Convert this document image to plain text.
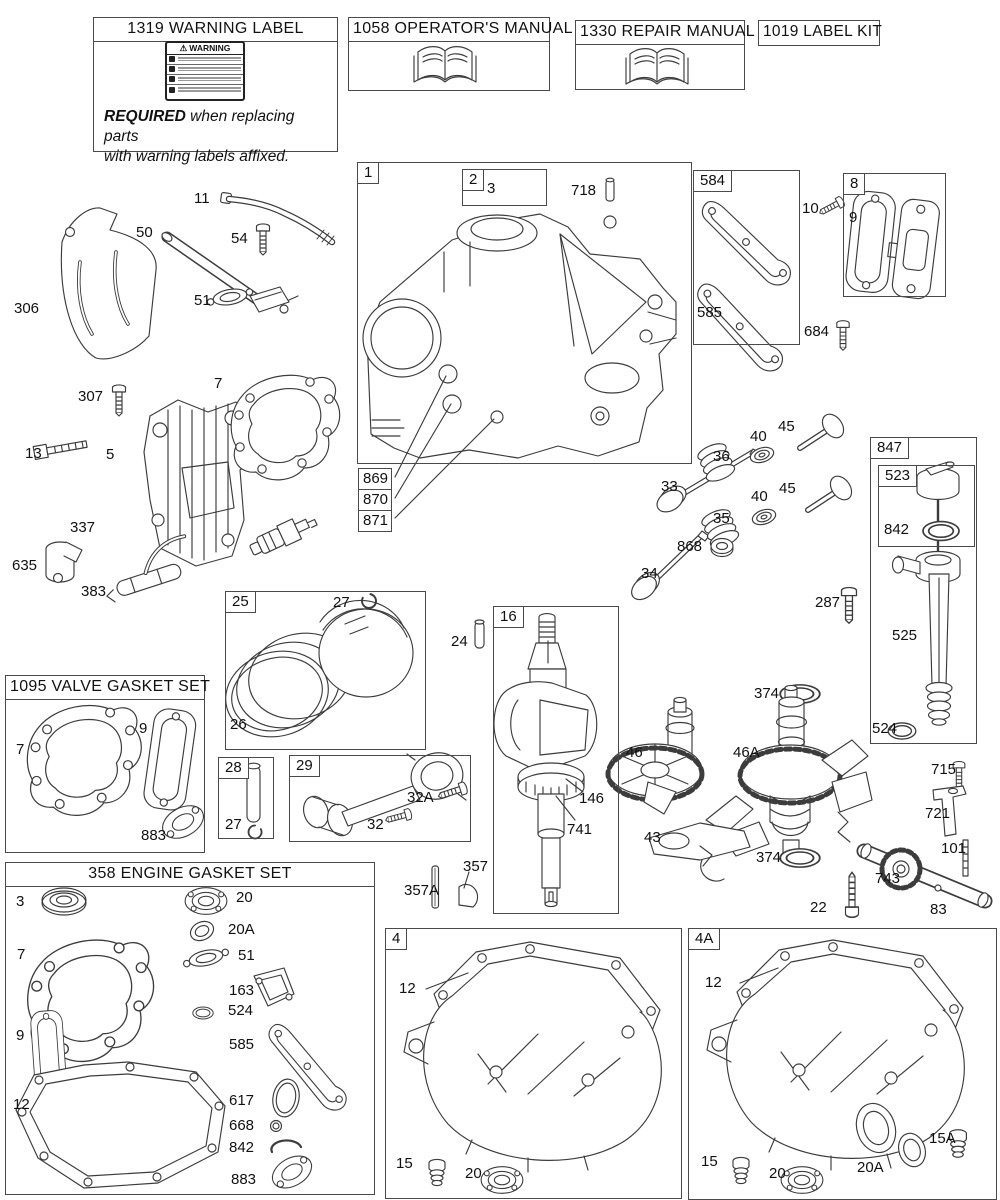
1319 WARNING LABEL
⚠ WARNING
REQUIRED when replacing parts
with warning labels affixed.
1058 OPERATOR'S MANUAL 1330 REPAIR MANUAL 1019 LABEL KIT
1095 VALVE GASKET SET
358 ENGINE GASKET SET
1	2	584	8
847
523
25
16
28	29
4	4A
869
870
871
11
50	54
51
306
307
7
13	5
337
635
383
3	718
585
10
9
684
33
36
40
45
40 45
35
868
34
287
842
525
524
27
26
24
146
741
374
46	46A
43
374
715
721
101
743
83
22
357
357A
7
9
883
27
32A
32
3
7
20
20A
51
163
524
9
585
12	617
668
842
883
12
15
20
12
15
20	20A
15A
